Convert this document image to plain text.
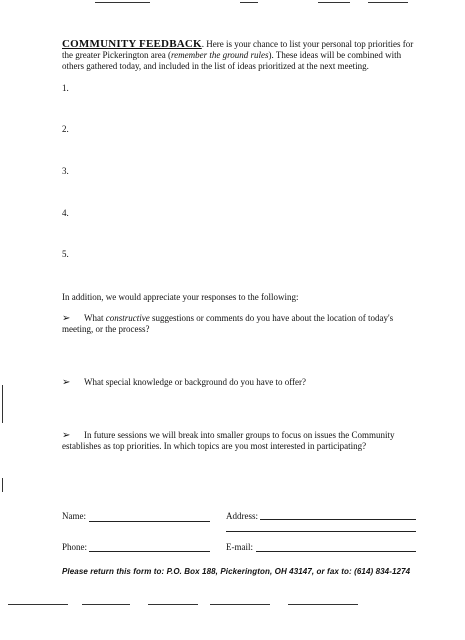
COMMUNITY FEEDBACK. Here is your chance to list your personal top priorities for the greater Pickerington area (remember the ground rules). These ideas will be combined with others gathered today, and included in the list of ideas prioritized at the next meeting.
1.
2.
3.
4.
5.
In addition, we would appreciate your responses to the following:
➢ What constructive suggestions or comments do you have about the location of today's meeting, or the process?
➢ What special knowledge or background do you have to offer?
➢ In future sessions we will break into smaller groups to focus on issues the Community establishes as top priorities. In which topics are you most interested in participating?
Name:	Address:
Phone:	E-mail:
Please return this form to: P.O. Box 188, Pickerington, OH 43147, or fax to: (614) 834-1274
